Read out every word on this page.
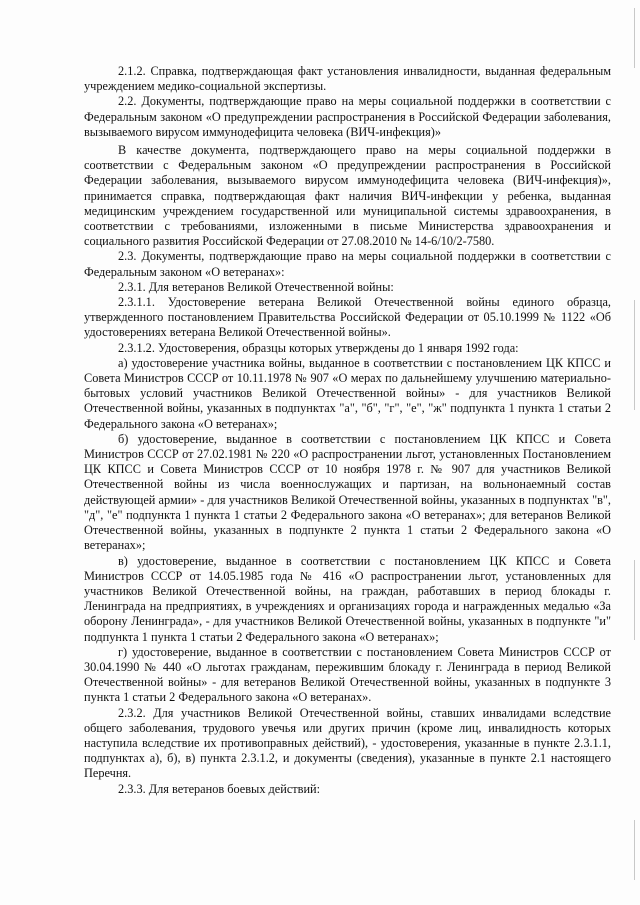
2.1.2. Справка, подтверждающая факт установления инвалидности, выданная федеральным учреждением медико-социальной экспертизы.

2.2. Документы, подтверждающие право на меры социальной поддержки в соответствии с Федеральным законом «О предупреждении распространения в Российской Федерации заболевания, вызываемого вирусом иммунодефицита человека (ВИЧ-инфекция)»

В качестве документа, подтверждающего право на меры социальной поддержки в соответствии с Федеральным законом «О предупреждении распространения в Российской Федерации заболевания, вызываемого вирусом иммунодефицита человека (ВИЧ-инфекция)», принимается справка, подтверждающая факт наличия ВИЧ-инфекции у ребенка, выданная медицинским учреждением государственной или муниципальной системы здравоохранения, в соответствии с требованиями, изложенными в письме Министерства здравоохранения и социального развития Российской Федерации от 27.08.2010 № 14-6/10/2-7580.

2.3. Документы, подтверждающие право на меры социальной поддержки в соответствии с Федеральным законом «О ветеранах»:

2.3.1. Для ветеранов Великой Отечественной войны:

2.3.1.1. Удостоверение ветерана Великой Отечественной войны единого образца, утвержденного постановлением Правительства Российской Федерации от 05.10.1999 № 1122 «Об удостоверениях ветерана Великой Отечественной войны».

2.3.1.2. Удостоверения, образцы которых утверждены до 1 января 1992 года:

а) удостоверение участника войны, выданное в соответствии с постановлением ЦК КПСС и Совета Министров СССР от 10.11.1978 № 907 «О мерах по дальнейшему улучшению материально-бытовых условий участников Великой Отечественной войны» - для участников Великой Отечественной войны, указанных в подпунктах "а", "б", "г", "е", "ж" подпункта 1 пункта 1 статьи 2 Федерального закона «О ветеранах»;

б) удостоверение, выданное в соответствии с постановлением ЦК КПСС и Совета Министров СССР от 27.02.1981 № 220 «О распространении льгот, установленных Постановлением ЦК КПСС и Совета Министров СССР от 10 ноября 1978 г. № 907 для участников Великой Отечественной войны из числа военнослужащих и партизан, на вольнонаемный состав действующей армии» - для участников Великой Отечественной войны, указанных в подпунктах "в", "д", "е" подпункта 1 пункта 1 статьи 2 Федерального закона «О ветеранах»; для ветеранов Великой Отечественной войны, указанных в подпункте 2 пункта 1 статьи 2 Федерального закона «О ветеранах»;

в) удостоверение, выданное в соответствии с постановлением ЦК КПСС и Совета Министров СССР от 14.05.1985 года № 416 «О распространении льгот, установленных для участников Великой Отечественной войны, на граждан, работавших в период блокады г. Ленинграда на предприятиях, в учреждениях и организациях города и награжденных медалью «За оборону Ленинграда», - для участников Великой Отечественной войны, указанных в подпункте "и" подпункта 1 пункта 1 статьи 2 Федерального закона «О ветеранах»;

г) удостоверение, выданное в соответствии с постановлением Совета Министров СССР от 30.04.1990 № 440 «О льготах гражданам, пережившим блокаду г. Ленинграда в период Великой Отечественной войны» - для ветеранов Великой Отечественной войны, указанных в подпункте 3 пункта 1 статьи 2 Федерального закона «О ветеранах».

2.3.2. Для участников Великой Отечественной войны, ставших инвалидами вследствие общего заболевания, трудового увечья или других причин (кроме лиц, инвалидность которых наступила вследствие их противоправных действий), - удостоверения, указанные в пункте 2.3.1.1, подпунктах а), б), в) пункта 2.3.1.2, и документы (сведения), указанные в пункте 2.1 настоящего Перечня.

2.3.3. Для ветеранов боевых действий:
